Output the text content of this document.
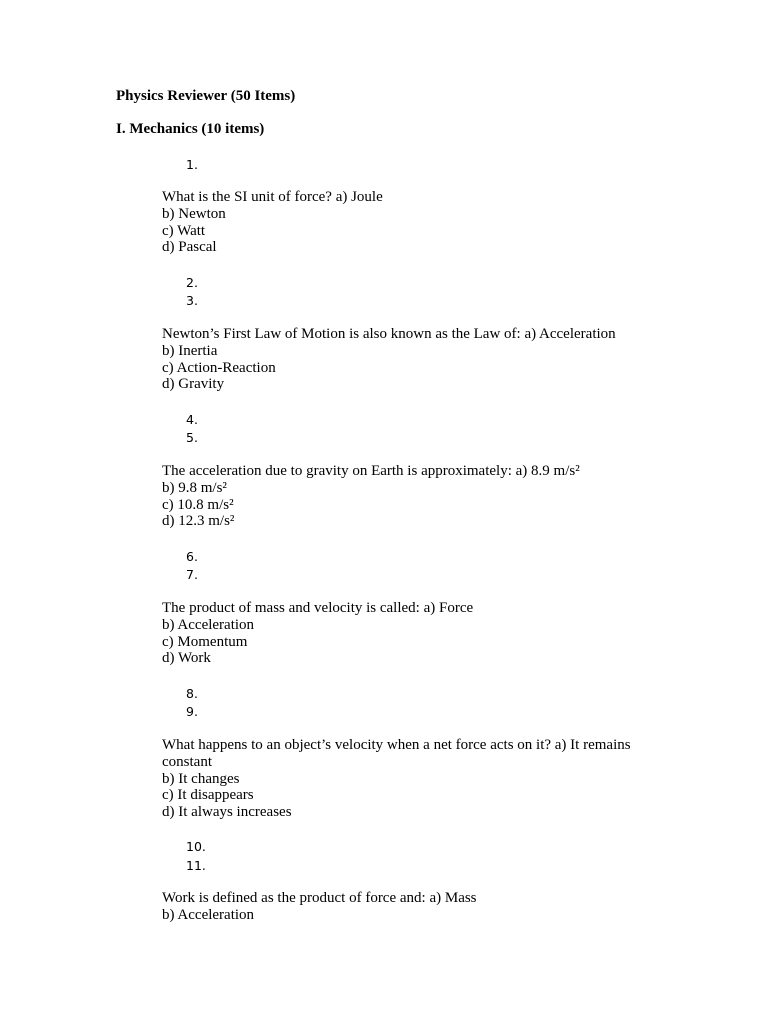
Physics Reviewer (50 Items)
I. Mechanics (10 items)
1.
What is the SI unit of force? a) Joule
b) Newton
c) Watt
d) Pascal
2.
3.
Newton’s First Law of Motion is also known as the Law of: a) Acceleration
b) Inertia
c) Action-Reaction
d) Gravity
4.
5.
The acceleration due to gravity on Earth is approximately: a) 8.9 m/s²
b) 9.8 m/s²
c) 10.8 m/s²
d) 12.3 m/s²
6.
7.
The product of mass and velocity is called: a) Force
b) Acceleration
c) Momentum
d) Work
8.
9.
What happens to an object’s velocity when a net force acts on it? a) It remains
constant
b) It changes
c) It disappears
d) It always increases
10.
11.
Work is defined as the product of force and: a) Mass
b) Acceleration
